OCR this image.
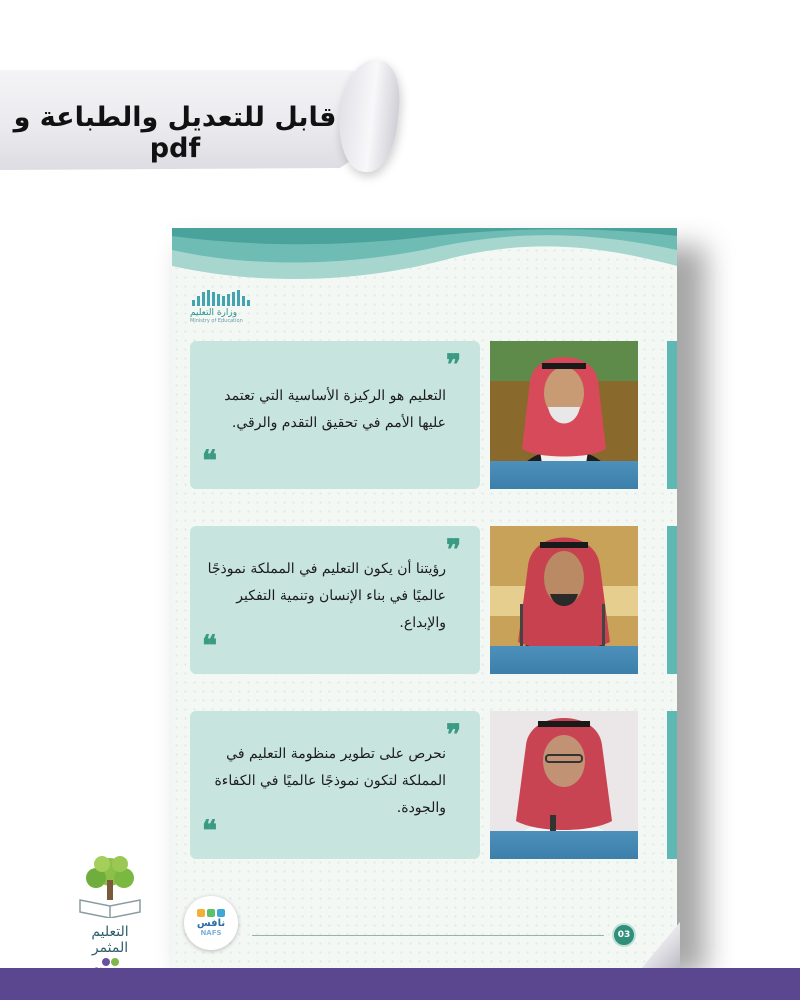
قابل للتعديل والطباعة و pdf
وزارة التعليم
Ministry of Education
❞
التعليم هو الركيزة الأساسية التي تعتمد عليها الأمم في تحقيق التقدم والرقي.
❝
❞
رؤيتنا أن يكون التعليم في المملكة نموذجًا عالميًا في بناء الإنسان وتنمية التفكير والإبداع.
❝
❞
نحرص على تطوير منظومة التعليم في المملكة لتكون نموذجًا عالميًا في الكفاءة والجودة.
❝
نافس
NAFS	03
التعليم المثمر
